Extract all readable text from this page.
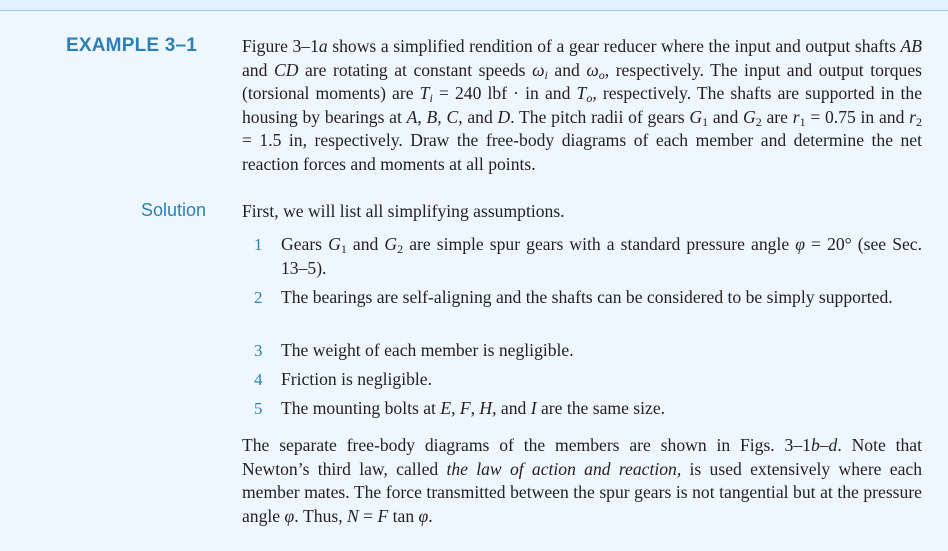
EXAMPLE 3–1	Figure 3–1a shows a simplified rendition of a gear reducer where the input and output shafts AB and CD are rotating at constant speeds $\omega_i$ and $\omega_o$, respectively. The input and output torques (torsional moments) are $T_i = 240$ lbf · in and $T_o$, respectively. The shafts are supported in the housing by bearings at A, B, C, and D. The pitch radii of gears $G_1$ and $G_2$ are $r_1 = 0.75$ in and $r_2 = 1.5$ in, respectively. Draw the free-body diagrams of each member and determine the net reaction forces and moments at all points.
Solution First, we will list all simplifying assumptions.
1 Gears $G_1$ and $G_2$ are simple spur gears with a standard pressure angle φ = 20° (see Sec. 13–5).
2 The bearings are self-aligning and the shafts can be considered to be simply supported.
3 The weight of each member is negligible.
4 Friction is negligible.
5 The mounting bolts at E, F, H, and I are the same size.
The separate free-body diagrams of the members are shown in Figs. 3–1b–d. Note that Newton’s third law, called the law of action and reaction, is used extensively where each member mates. The force transmitted between the spur gears is not tangential but at the pressure angle φ. Thus, N = F tan φ.
